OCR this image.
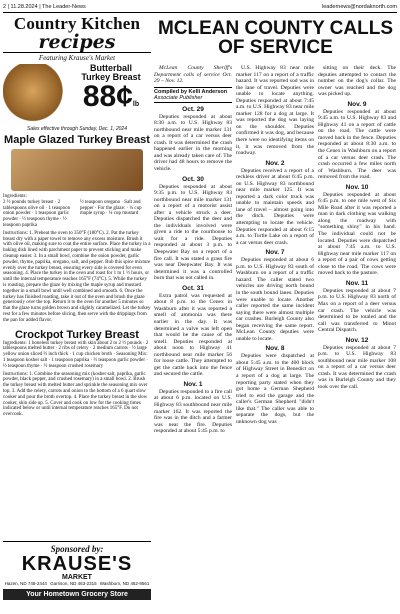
2 | 11.28.2024 | The Leader-News	leadernews@nordaknorth.com
Country Kitchen
recipes
Featuring Krause's Market
Butterball
Turkey Breast
88¢lb
Sales effective through Sunday, Dec. 1, 2024
Maple Glazed Turkey Breast
Ingredients:
2 ½ pounds turkey breast · 2 tablespoons olive oil · 1 teaspoon onion powder · 1 teaspoon garlic powder · ½ teaspoon thyme · ½ teaspoon paprika
½ teaspoon oregano · Salt and pepper · For the glaze: · ¼ cup maple syrup · ¼ cup mustard
Instructions: 1. Preheat the oven to 350°F (180°C). 2. Pat the turkey breast dry with a paper towel to remove any excess moisture. Brush it with olive oil, making sure to coat the entire surface. Place the turkey in a baking dish lined with parchment paper to prevent sticking and make cleanup easier. 3. In a small bowl, combine the onion powder, garlic powder, thyme, paprika, oregano, salt, and pepper. Rub this spice mixture evenly over the turkey breast, ensuring every side is covered for even seasoning. 4. Place the turkey in the oven and roast for 1 to 1 ½ hours, or until the internal temperature reaches 165°F (74°C). 5. While the turkey is roasting, prepare the glaze by mixing the maple syrup and mustard together in a small bowl until well combined and smooth. 6. Once the turkey has finished roasting, take it out of the oven and brush the glaze generously over the top. Return it to the oven for another 5 minutes so that the glaze turns golden brown and slightly caramelized. Let the turkey rest for a few minutes before slicing, then serve with the drippings from the pan for added flavor.
Crockpot Turkey Breast
Ingredients: 1 boneless turkey breast with skin about 2 to 2 ½ pounds · 2 tablespoons melted butter · 2 ribs of celery · 2 medium carrots · ½ large yellow onion sliced ½ inch thick · 1 cup chicken broth · Seasoning Mix: 1 teaspoon kosher salt · 1 teaspoon paprika · ½ teaspoon garlic powder · ½ teaspoon thyme · ½ teaspoon crushed rosemary
Instructions: 1. Combine the seasoning mix (kosher salt, paprika, garlic powder, black pepper, and crushed rosemary) in a small bowl. 2. Brush the turkey breast with melted butter and sprinkle the seasoning mix over top. 3. Add the celery, carrots and onion to the bottom of a 6 quart slow cooker and pour the broth overtop. 4. Place the turkey breast in the slow cooker, skin side up. 5. Cover and cook on low for the cooking times indicated below or until internal temperature reaches 165°F. Do not overcook.
Sponsored by:
KRAUSE'S
MARKET
Hazen, ND 748-2444 Garrison, ND 463-2315 Washburn, ND 462-8561
Your Hometown Grocery Store
MCLEAN COUNTY CALLS OF SERVICE

McLean County Sheriff's Department calls of service Oct. 29 – Nov. 12.

Compiled by Kelli Anderson
Associate Publisher
Oct. 29

Deputies responded at about 8:30 a.m. to U.S. Highway 83 northbound near mile marker 131 on a report of a car versus deer crash. It was determined the crash happened earlier in the morning and was already taken care of. The driver had 48 hours to remove the vehicle.

Oct. 30

Deputies responded at about 9:35 p.m. to U.S. Highway 83 northbound near mile marker 131 on a report of a motorist assist after a vehicle struck a deer. Deputies dispatched the deer and the individuals involved were given a ride to the courthouse to wait for a ride. Deputies responded at about 3 p.m. to Deepwater Bay on a report of a fire call. It was stated a grass fire was near Deepwater Bay. It was determined it was a controlled burn that was not called in.

Oct. 31

Extra patrol was requested at about 8 p.m. to the Cenex in Washburn after it was reported a smell of ammonia was there earlier in the day. It was determined a valve was left open that would be the cause of the smell. Deputies responded at about noon to Highway 41 northbound near mile marker 56 for loose cattle. They attempted to get the cattle back into the fence and secured the cattle.

Nov. 1

Deputies responded to a fire call at about 6 p.m. located on U.S. Highway 83 southbound near mile marker 162. It was reported the fire was in the ditch and a farmer was near the fire. Deputies responded at about 5:45 p.m. to

U.S. Highway 83 near mile marker 117 on a report of a traffic hazard. It was reported sod was in the lane of travel. Deputies were unable to locate anything. Deputies responded at about 7:45 a.m. to U.S. Highway 83 near mile marker 128 for a dog at large. It was reported the dog was laying on the shoulder. Deputies confirmed it was dog, and because there were no identifying items on it, it was removed from the roadway.

Nov. 2

Deputies received a report of a reckless driver at about 6:45 p.m. on U.S. Highway 83 northbound near mile marker 125. It was reported a dark color truck was unable to maintain speeds and lane of travel – almost going into the ditch. Deputies were attempting to locate the vehicle. Deputies responded at about 6:15 a.m. to Turtle Lake on a report of a car versus deer crash.

Nov. 7

Deputies responded at about 6 p.m. to U.S. Highway 83 south of Washburn on a report of a traffic hazard. The caller stated two vehicles are driving north bound in the south bound lanes. Deputies were unable to locate. Another caller reported the same incident saying there were almost multiple car crashes. Burleigh County also began receiving the same report. McLean County deputies were unable to locate.

Nov. 8

Deputies were dispatched at about 5:45 a.m. to the 400 block of Highway Street in Benedict on a report of a dog at large. The reporting party stated when they got home a German Shepherd tried to end the garage and the caller's German Shepherd "didn't like that." The caller was able to separate the dogs, but the unknown dog was

sitting on their deck. The deputies attempted to contact the number on the dog's collar. The owner was reached and the dog was picked up.

Nov. 9

Deputies responded at about 9:45 a.m. to U.S. Highway 83 and Highway 41 on a report of cattle on the road. The cattle were moved back in the fence. Deputies responded at about 8:30 a.m. to the Cenex in Washburn on a report of a car versus deer crash. The crash occurred a few miles north of Washburn. The deer was removed from the road.

Nov. 10

Deputies responded at about 6:45 p.m. to one mile west of Six Mile Road after it was reported a man in dark clothing was walking along the roadway with "something shiny" in his hand. The individual could not be located. Deputies were dispatched at about 7:45 a.m. to U.S. Highway near mile marker 117 on a report of a pair of cows getting close to the road. The cows were moved back to the pasture.

Nov. 11

Deputies responded at about 7 p.m. to U.S. Highway 83 north of Max on a report of a deer versus car crash. The vehicle was determined to be totaled and the call was transferred to Minot Central Dispatch.

Nov. 12

Deputies responded at about 7 p.m. to U.S. Highway 83 southbound near mile marker 108 on a report of a car versus deer crash. It was determined the crash was in Burleigh County and they took over the call.
